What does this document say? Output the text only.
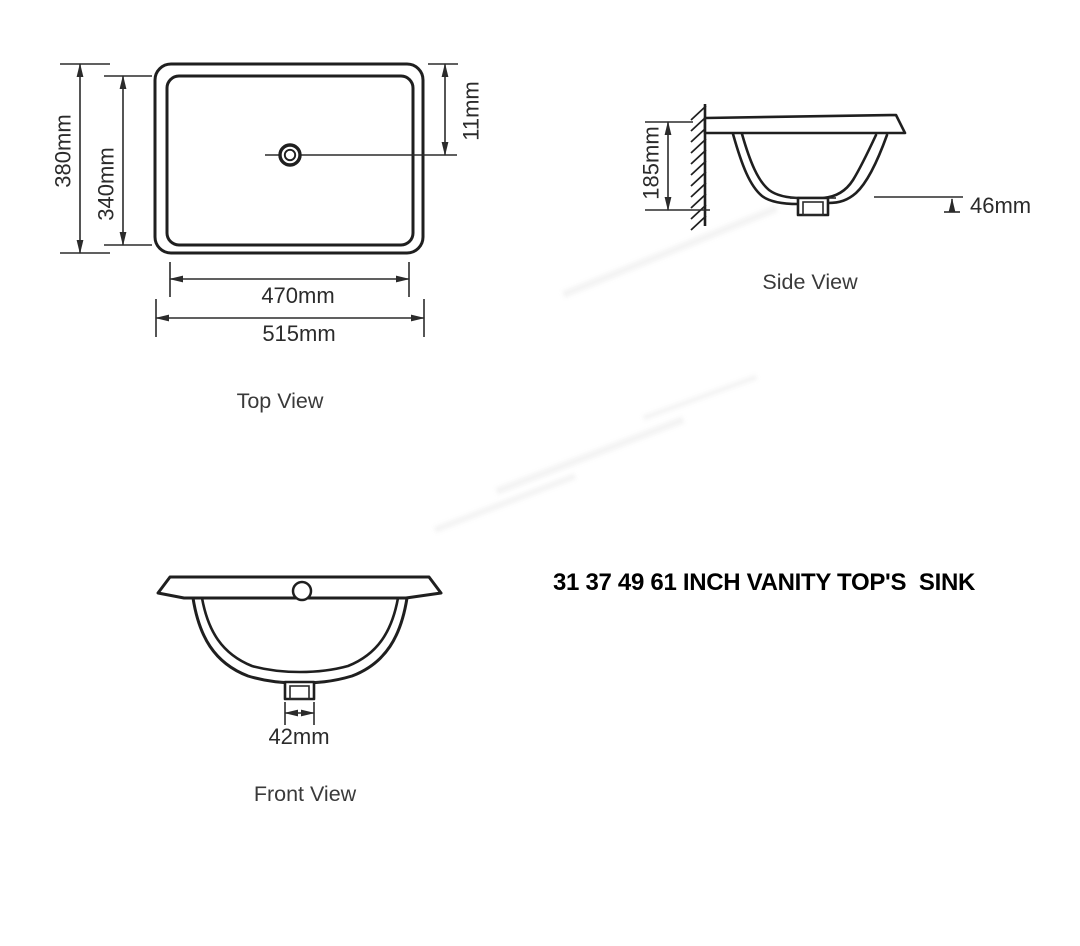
380mm 340mm
11mm
470mm
515mm
Top View
46mm
185mm
Side View
42mm
Front View
31 37 49 61 INCH VANITY TOP'S  SINK
